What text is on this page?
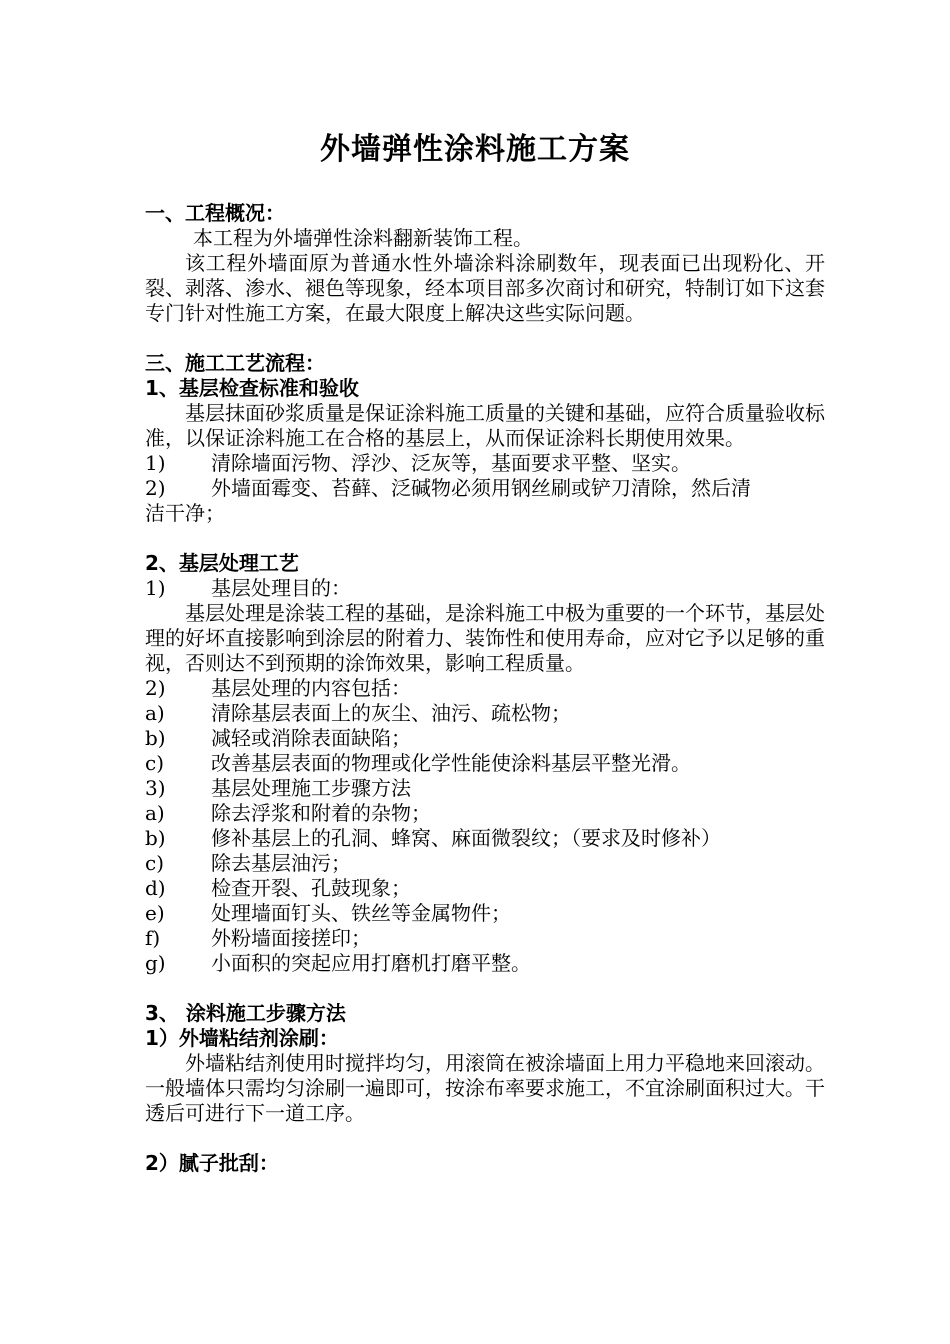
外墙弹性涂料施工方案
一、工程概况：
本工程为外墙弹性涂料翻新装饰工程。
该工程外墙面原为普通水性外墙涂料涂刷数年，现表面已出现粉化、开裂、剥落、渗水、褪色等现象，经本项目部多次商讨和研究，特制订如下这套专门针对性施工方案，在最大限度上解决这些实际问题。
三、施工工艺流程：
1、基层检查标准和验收
基层抹面砂浆质量是保证涂料施工质量的关键和基础，应符合质量验收标准，以保证涂料施工在合格的基层上，从而保证涂料长期使用效果。
1)	清除墙面污物、浮沙、泛灰等，基面要求平整、坚实。
2)	外墙面霉变、苔藓、泛碱物必须用钢丝刷或铲刀清除，然后清
洁干净；
2、基层处理工艺
1)	基层处理目的：
基层处理是涂装工程的基础，是涂料施工中极为重要的一个环节，基层处理的好坏直接影响到涂层的附着力、装饰性和使用寿命，应对它予以足够的重视，否则达不到预期的涂饰效果，影响工程质量。
2)	基层处理的内容包括：
a)	清除基层表面上的灰尘、油污、疏松物；
b)	减轻或消除表面缺陷；
c)	改善基层表面的物理或化学性能使涂料基层平整光滑。
3)	基层处理施工步骤方法
a)	除去浮浆和附着的杂物；
b)	修补基层上的孔洞、蜂窝、麻面微裂纹；（要求及时修补）
c)	除去基层油污；
d)	检查开裂、孔鼓现象；
e)	处理墙面钉头、铁丝等金属物件；
f)	外粉墙面接搓印；
g)	小面积的突起应用打磨机打磨平整。
3、 涂料施工步骤方法
1）外墙粘结剂涂刷：
外墙粘结剂使用时搅拌均匀，用滚筒在被涂墙面上用力平稳地来回滚动。一般墙体只需均匀涂刷一遍即可，按涂布率要求施工，不宜涂刷面积过大。干透后可进行下一道工序。
2）腻子批刮：
